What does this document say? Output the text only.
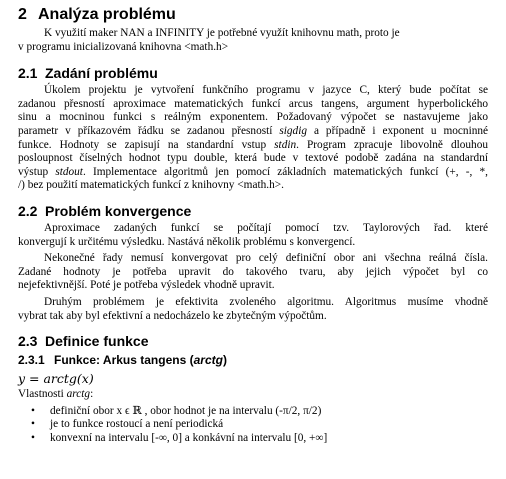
2 Analýza problému

K využití maker NAN a INFINITY je potřebné využít knihovnu math, proto je
v programu inicializovaná knihovna <math.h>

2.1 Zadání problému

Úkolem projektu je vytvoření funkčního programu v jazyce C, který bude počítat se
zadanou přesností aproximace matematických funkcí arcus tangens, argument hyperbolického
sinu a mocninou funkci s reálným exponentem. Požadovaný výpočet se nastavujeme jako
parametr v příkazovém řádku se zadanou přesností sigdig a případně i exponent u mocninné
funkce. Hodnoty se zapisují na standardní vstup stdin. Program zpracuje libovolně dlouhou
posloupnost číselných hodnot typu double, která bude v textové podobě zadána na standardní
výstup stdout. Implementace algoritmů jen pomocí základních matematických funkcí (+, -, *,
/) bez použití matematických funkcí z knihovny <math.h>.

2.2 Problém konvergence

Aproximace zadaných funkcí se počítají pomocí tzv. Taylorových řad. které
konvergují k určitému výsledku. Nastává několik problému s konvergencí.

Nekonečné řady nemusí konvergovat pro celý definiční obor ani všechna reálná čísla.
Zadané hodnoty je potřeba upravit do takového tvaru, aby jejich výpočet byl co
nejefektivnější. Poté je potřeba výsledek vhodně upravit.

Druhým problémem je efektivita zvoleného algoritmu. Algoritmus musíme vhodně
vybrat tak aby byl efektivní a nedocházelo ke zbytečným výpočtům.

2.3 Definice funkce
2.3.1 Funkce: Arkus tangens (arctg)
y = arctg(x)

Vlastnosti arctg:

• definiční obor x ϵ ℝ , obor hodnot je na intervalu (-π/2, π/2)
• je to funkce rostoucí a není periodická
• konvexní na intervalu [-∞, 0] a konkávní na intervalu [0, +∞]
